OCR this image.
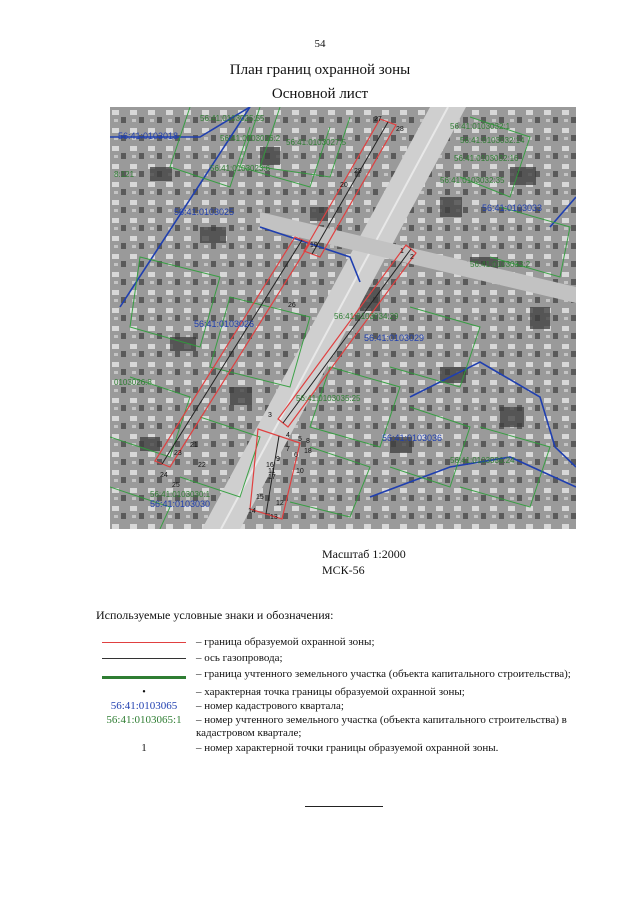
54
План границ охранной зоны
Основной лист
56:41:0103018
56:41:0103025
56:41:0103026
56:41:0103033
56:41:0103036
56:41:0103030
56:41:0103029
56:41:0103025:55
56:41:0103026:2 56:41:0103027:5
56:41:0103023:6
56:41:0103032:1
56:41:0103032:14
56:41:0103032:16
56:41:0103032:35
56:41:0103033:2
56:41:0103034:29
56:41:0103035:25
56:41:0103036:24
56:41:0103030:1
8:121
0103026:8
27
28
29
20
19
26
1
2
3
4
5
6
7
8
9
10
11
12
13
14
15
16
17
18
21
22
23
24
25
Масштаб 1:2000
МСК-56
Используемые условные знаки и обозначения:
– граница образуемой охранной зоны;
– ось газопровода;
– граница учтенного земельного участка (объекта капитального строительства);
•	– характерная точка границы образуемой охранной зоны;
56:41:0103065	– номер кадастрового квартала;
56:41:0103065:1	– номер учтенного земельного участка (объекта капитального строительства) в кадастровом квартале;
1	– номер характерной точки границы образуемой охранной зоны.
